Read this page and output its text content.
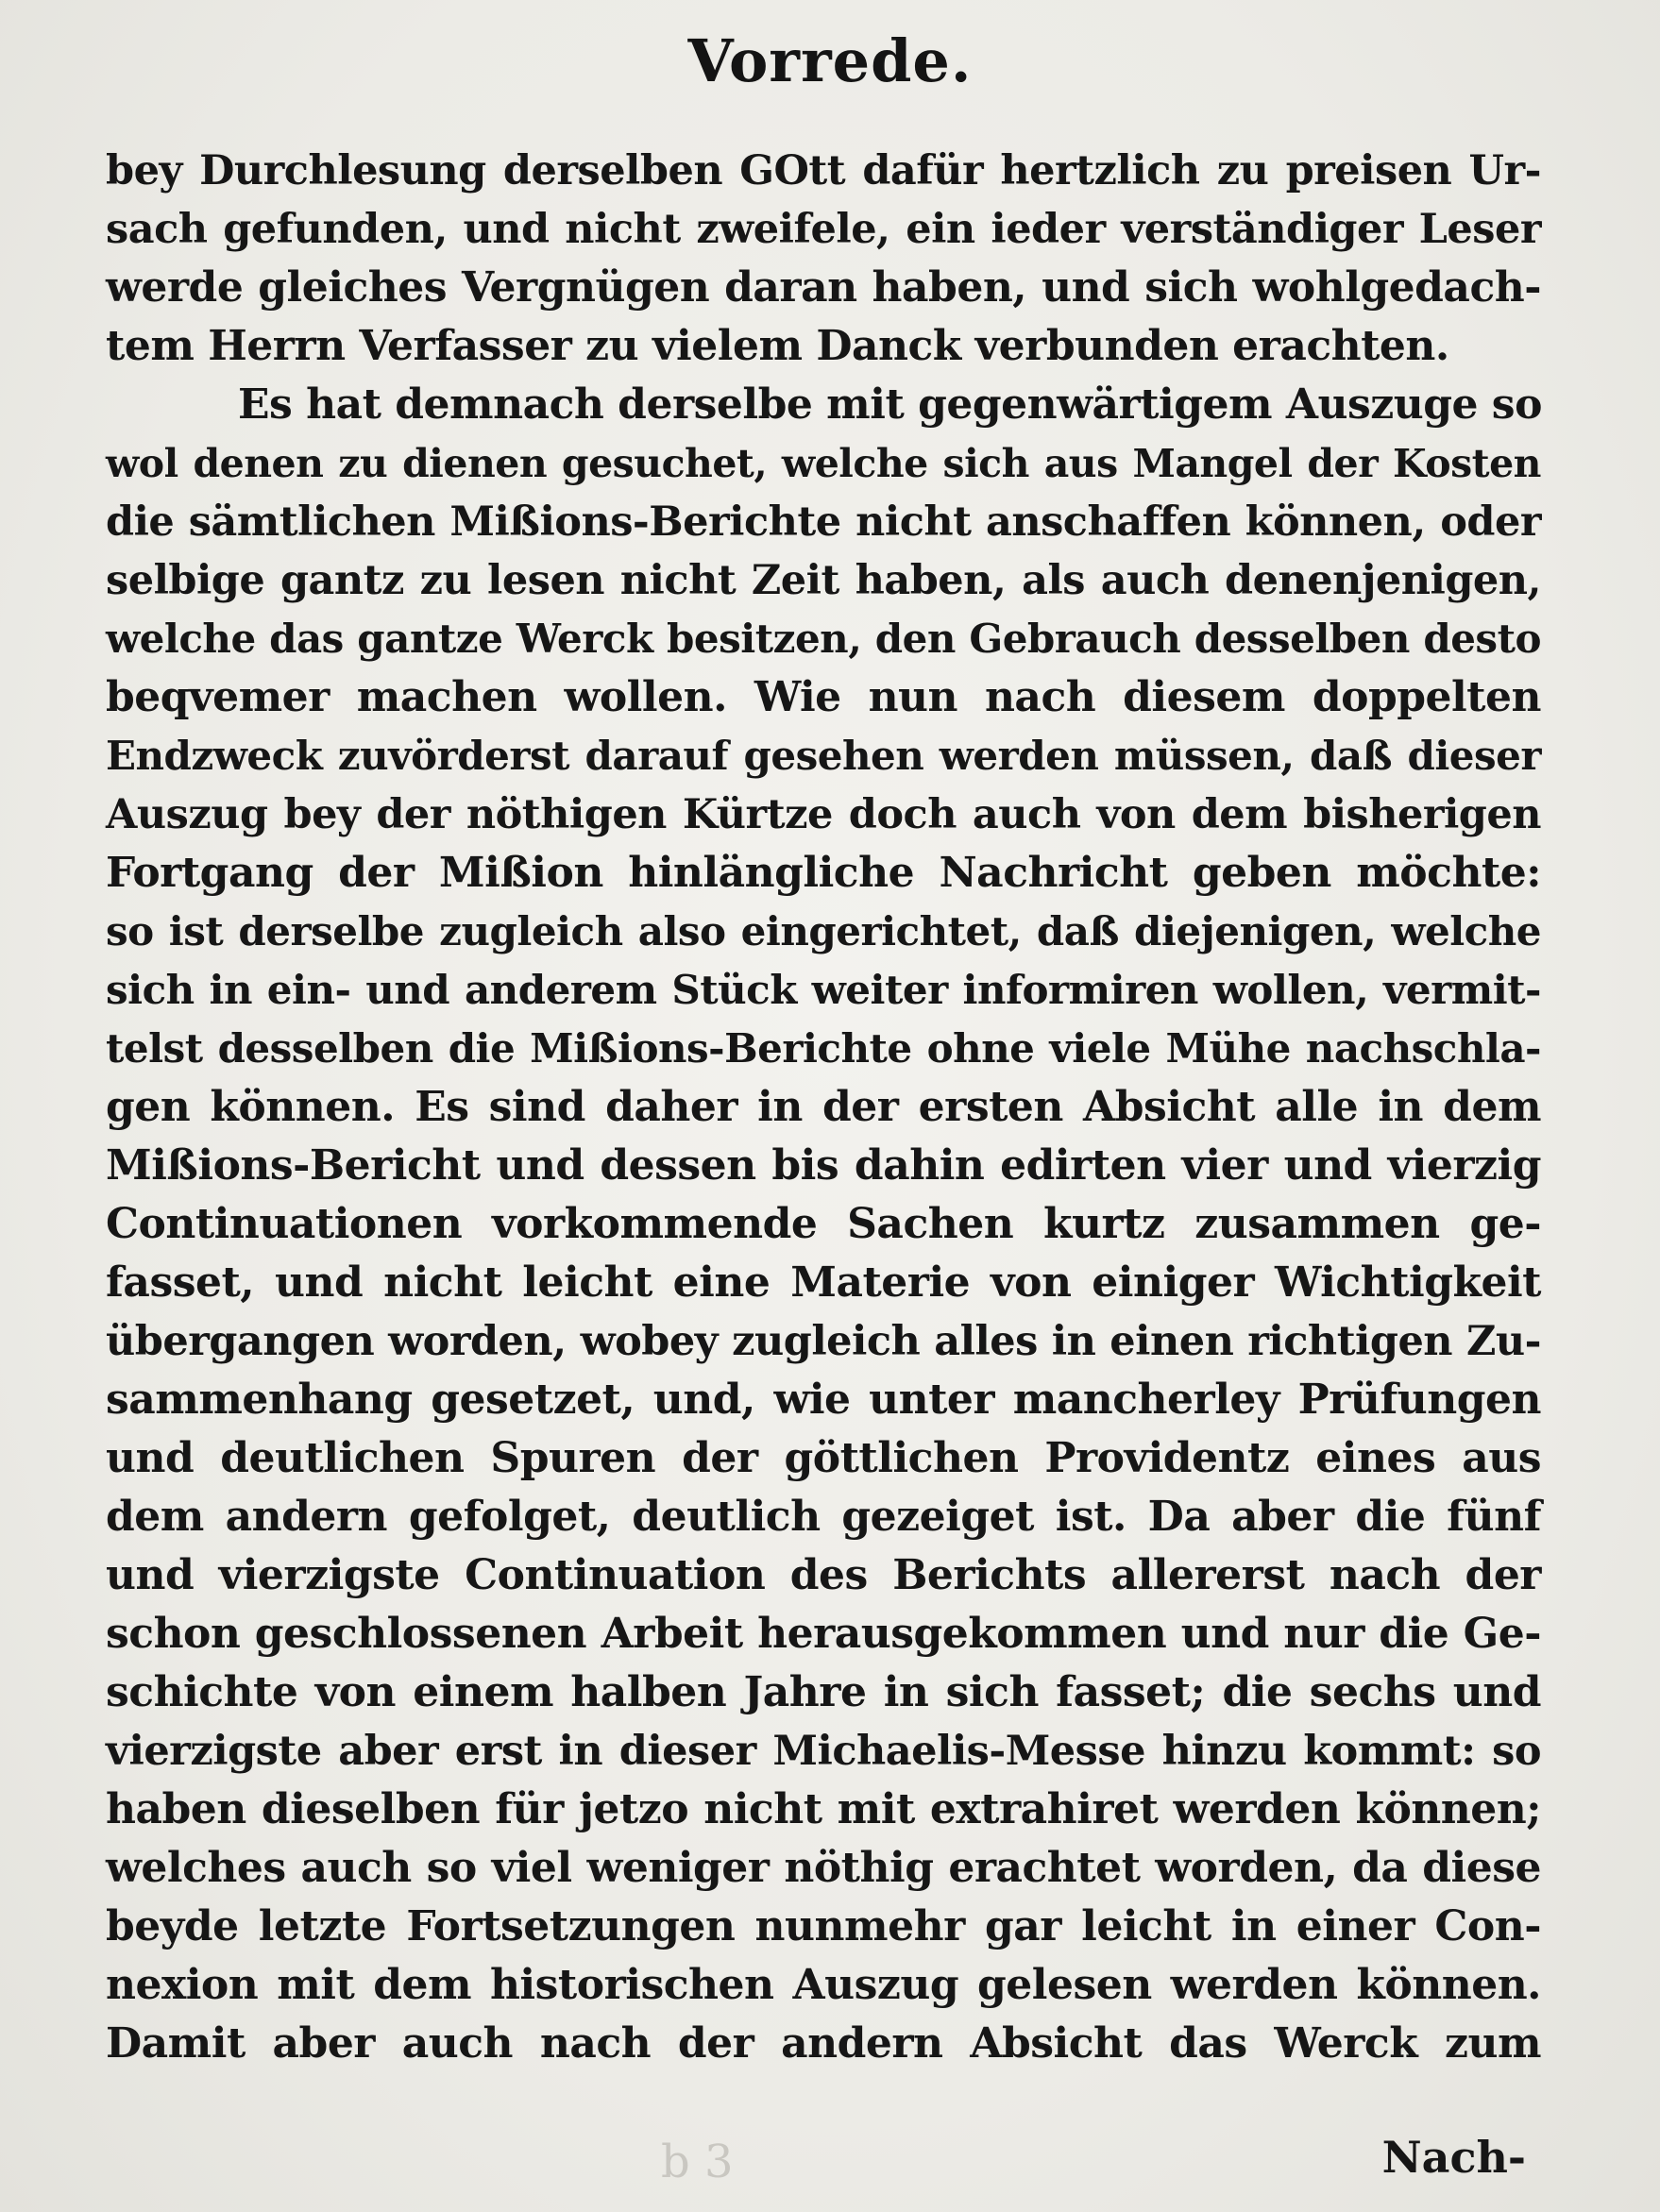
Vorrede.
bey Durchlesung derselben GOtt dafür hertzlich zu preisen Ur-
sach gefunden, und nicht zweifele, ein ieder verständiger Leser
werde gleiches Vergnügen daran haben, und sich wohlgedach-
tem Herrn Verfasser zu vielem Danck verbunden erachten.
Es hat demnach derselbe mit gegenwärtigem Auszuge so
wol denen zu dienen gesuchet, welche sich aus Mangel der Kosten
die sämtlichen Mißions-Berichte nicht anschaffen können, oder
selbige gantz zu lesen nicht Zeit haben, als auch denenjenigen,
welche das gantze Werck besitzen, den Gebrauch desselben desto
beqvemer machen wollen. Wie nun nach diesem doppelten
Endzweck zuvörderst darauf gesehen werden müssen, daß dieser
Auszug bey der nöthigen Kürtze doch auch von dem bisherigen
Fortgang der Mißion hinlängliche Nachricht geben möchte:
so ist derselbe zugleich also eingerichtet, daß diejenigen, welche
sich in ein- und anderem Stück weiter informiren wollen, vermit-
telst desselben die Mißions-Berichte ohne viele Mühe nachschla-
gen können. Es sind daher in der ersten Absicht alle in dem
Mißions-Bericht und dessen bis dahin edirten vier und vierzig
Continuationen vorkommende Sachen kurtz zusammen ge-
fasset, und nicht leicht eine Materie von einiger Wichtigkeit
übergangen worden, wobey zugleich alles in einen richtigen Zu-
sammenhang gesetzet, und, wie unter mancherley Prüfungen
und deutlichen Spuren der göttlichen Providentz eines aus
dem andern gefolget, deutlich gezeiget ist. Da aber die fünf
und vierzigste Continuation des Berichts allererst nach der
schon geschlossenen Arbeit herausgekommen und nur die Ge-
schichte von einem halben Jahre in sich fasset; die sechs und
vierzigste aber erst in dieser Michaelis-Messe hinzu kommt: so
haben dieselben für jetzo nicht mit extrahiret werden können;
welches auch so viel weniger nöthig erachtet worden, da diese
beyde letzte Fortsetzungen nunmehr gar leicht in einer Con-
nexion mit dem historischen Auszug gelesen werden können.
Damit aber auch nach der andern Absicht das Werck zum
b 3	Nach-
